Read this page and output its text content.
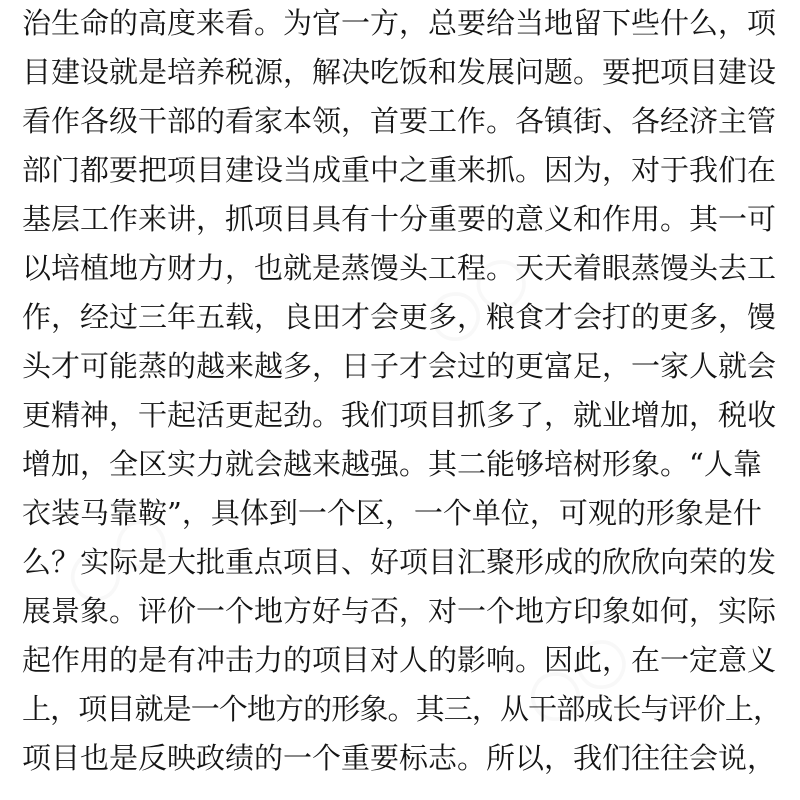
○○
○○
○○
治生命的高度来看。为官一方，总要给当地留下些什么，项
目建设就是培养税源，解决吃饭和发展问题。要把项目建设
看作各级干部的看家本领，首要工作。各镇街、各经济主管
部门都要把项目建设当成重中之重来抓。因为，对于我们在
基层工作来讲，抓项目具有十分重要的意义和作用。其一可
以培植地方财力，也就是蒸馒头工程。天天着眼蒸馒头去工
作，经过三年五载，良田才会更多，粮食才会打的更多，馒
头才可能蒸的越来越多，日子才会过的更富足，一家人就会
更精神，干起活更起劲。我们项目抓多了，就业增加，税收
增加，全区实力就会越来越强。其二能够培树形象。“人靠
衣装马靠鞍”，具体到一个区，一个单位，可观的形象是什
么？实际是大批重点项目、好项目汇聚形成的欣欣向荣的发
展景象。评价一个地方好与否，对一个地方印象如何，实际
起作用的是有冲击力的项目对人的影响。因此，在一定意义
上，项目就是一个地方的形象。其三，从干部成长与评价上，
项目也是反映政绩的一个重要标志。所以，我们往往会说，
